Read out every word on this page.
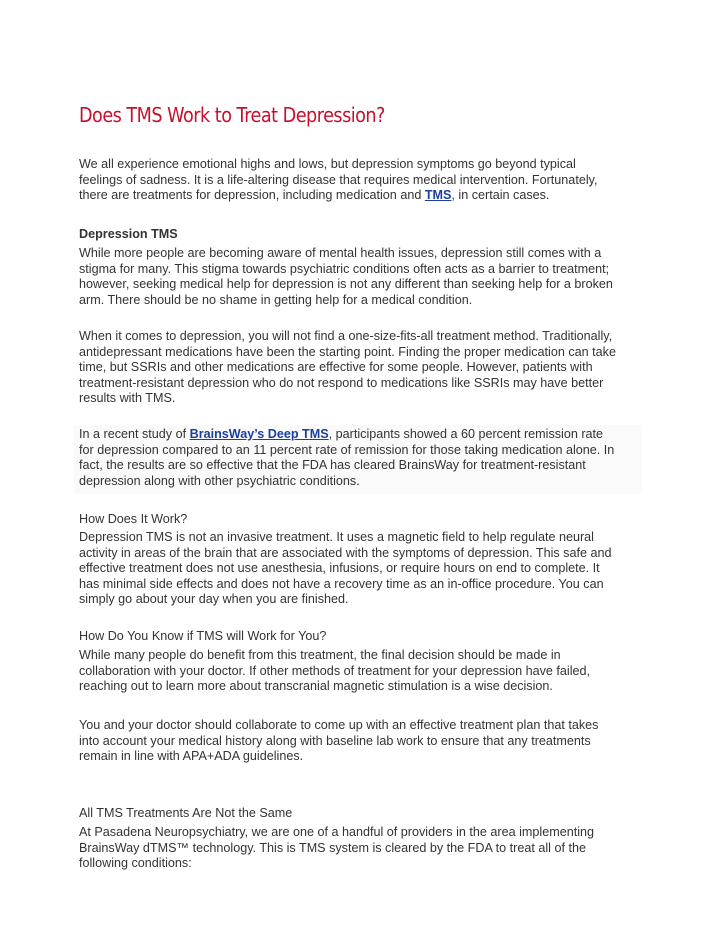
Does TMS Work to Treat Depression?

We all experience emotional highs and lows, but depression symptoms go beyond typical
feelings of sadness. It is a life-altering disease that requires medical intervention. Fortunately,
there are treatments for depression, including medication and TMS, in certain cases.

Depression TMS

While more people are becoming aware of mental health issues, depression still comes with a
stigma for many. This stigma towards psychiatric conditions often acts as a barrier to treatment;
however, seeking medical help for depression is not any different than seeking help for a broken
arm. There should be no shame in getting help for a medical condition.

When it comes to depression, you will not find a one-size-fits-all treatment method. Traditionally,
antidepressant medications have been the starting point. Finding the proper medication can take
time, but SSRIs and other medications are effective for some people. However, patients with
treatment-resistant depression who do not respond to medications like SSRIs may have better
results with TMS.

In a recent study of BrainsWay’s Deep TMS, participants showed a 60 percent remission rate
for depression compared to an 11 percent rate of remission for those taking medication alone. In
fact, the results are so effective that the FDA has cleared BrainsWay for treatment-resistant
depression along with other psychiatric conditions.

How Does It Work?

Depression TMS is not an invasive treatment. It uses a magnetic field to help regulate neural
activity in areas of the brain that are associated with the symptoms of depression. This safe and
effective treatment does not use anesthesia, infusions, or require hours on end to complete. It
has minimal side effects and does not have a recovery time as an in-office procedure. You can
simply go about your day when you are finished.

How Do You Know if TMS will Work for You?

While many people do benefit from this treatment, the final decision should be made in
collaboration with your doctor. If other methods of treatment for your depression have failed,
reaching out to learn more about transcranial magnetic stimulation is a wise decision.

You and your doctor should collaborate to come up with an effective treatment plan that takes
into account your medical history along with baseline lab work to ensure that any treatments
remain in line with APA+ADA guidelines.

All TMS Treatments Are Not the Same

At Pasadena Neuropsychiatry, we are one of a handful of providers in the area implementing
BrainsWay dTMS™ technology. This is TMS system is cleared by the FDA to treat all of the
following conditions:
